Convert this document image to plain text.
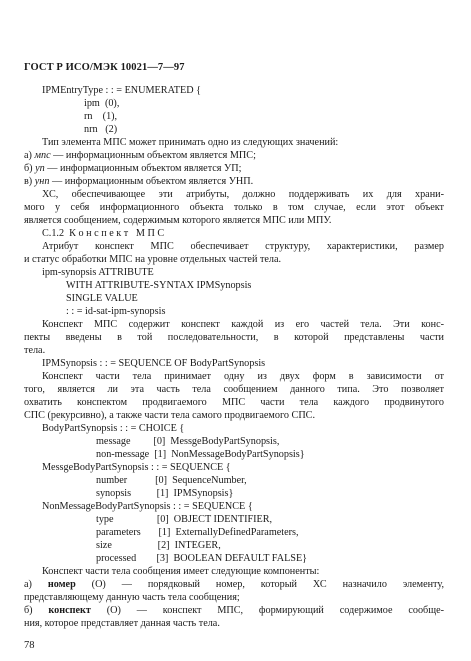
ГОСТ Р ИСО/МЭК 10021—7—97
IPMEntryType : : = ENUMERATED {
ipm  (0),
rn    (1),
nrn   (2)
Тип элемента МПС может принимать одно из следующих значений:
а) мпс — информационным объектом является МПС;
б) уп — информационным объектом является УП;
в) унп — информационным объектом является УНП.
ХС, обеспечивающее эти атрибуты, должно поддерживать их для храни-
мого у себя информационного объекта только в том случае, если этот объект
является сообщением, содержимым которого является МПС или МПУ.
С.1.2  К о н с п е к т   М П С
Атрибут конспект МПС обеспечивает структуру, характеристики, размер
и статус обработки МПС на уровне отдельных частей тела.
ipm-synopsis ATTRIBUTE
WITH ATTRIBUTE-SYNTAX IPMSynopsis
SINGLE VALUE
: : = id-sat-ipm-synopsis
Конспект МПС содержит конспект каждой из его частей тела. Эти конс-
пекты введены в той последовательности, в которой представлены части
тела.
IPMSynopsis : : = SEQUENCE OF BodyPartSynopsis
Конспект части тела принимает одну из двух форм в зависимости от
того, является ли эта часть тела сообщением данного типа. Это позволяет
охватить конспектом продвигаемого МПС части тела каждого продвинутого
СПС (рекурсивно), а также части тела самого продвигаемого СПС.
BodyPartSynopsis : : = CHOICE {
message         [0]  MessgeBodyPartSynopsis,
non-message  [1]  NonMessageBodyPartSynopsis}
MessgeBodyPartSynopsis : : = SEQUENCE {
number           [0]  SequenceNumber,
synopsis          [1]  IPMSynopsis}
NonMessageBodyPartSynopsis : : = SEQUENCE {
type                 [0]  OBJECT IDENTIFIER,
parameters       [1]  ExternallyDefinedParameters,
size                  [2]  INTEGER,
processed        [3]  BOOLEAN DEFAULT FALSE}
Конспект части тела сообщения имеет следующие компоненты:
а) номер (О) — порядковый номер, который ХС назначило элементу,
представляющему данную часть тела сообщения;
б) конспект (О) — конспект МПС, формирующий содержимое сообще-
ния, которое представляет данная часть тела.
78
